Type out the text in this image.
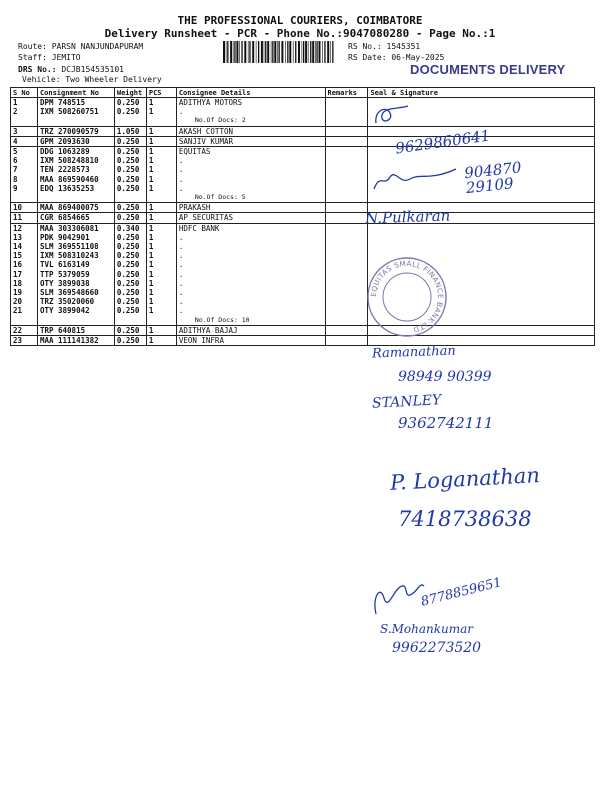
THE PROFESSIONAL COURIERS, COIMBATORE
Delivery Runsheet - PCR - Phone No.:9047080280 - Page No.:1
Route: PARSN NANJUNDAPURAM
Staff: JEMITO
DRS No.: DCJB154535101
Vehicle: Two Wheeler Delivery
RS No.: 1545351
RS Date: 06-May-2025
DOCUMENTS DELIVERY
S No	Consignment No	Weight	PCS	Consignee Details	Remarks	Seal & Signature
1	DPM 748515	0.250	1	ADITHYA MOTORS		

2	IXM 508260751	0.250	1	.		
				No.Of Docs: 2		
3	TRZ 270090579	1.050	1	AKASH COTTON		

4	GPM 2093630	0.250	1	SANJIV KUMAR		

5	DDG 1063289	0.250	1	EQUITAS		

6	IXM 508248810	0.250	1	.		
7	TEN 2228573	0.250	1	.		
8	MAA 869590460	0.250	1	.		
9	EDQ 13635253	0.250	1	.		
				No.Of Docs: 5		
10	MAA 869400075	0.250	1	PRAKASH		

11	CGR 6854665	0.250	1	AP SECURITAS		

12	MAA 303306081	0.340	1	HDFC BANK		

13	PDK 9042901	0.250	1	.		
14	SLM 369551108	0.250	1	.		
15	IXM 508310243	0.250	1	.		
16	TVL 6163149	0.250	1	.		
17	TTP 5379059	0.250	1	.		
18	OTY 3899038	0.250	1	.		
19	SLM 369548660	0.250	1	.		
20	TRZ 35020060	0.250	1	.		
21	OTY 3899042	0.250	1	.		
				No.Of Docs: 10		
22	TRP 640815	0.250	1	ADITHYA BAJAJ		

23	MAA 111141382	0.250	1	VEON INFRA		

9629860641
904870 29109
N.Pulkaran
EQUITAS SMALL FINANCE BANK LTD
Ramanathan
98949 90399
STANLEY
9362742111
P. Loganathan
7418738638
8778859651
S.Mohankumar
9962273520
